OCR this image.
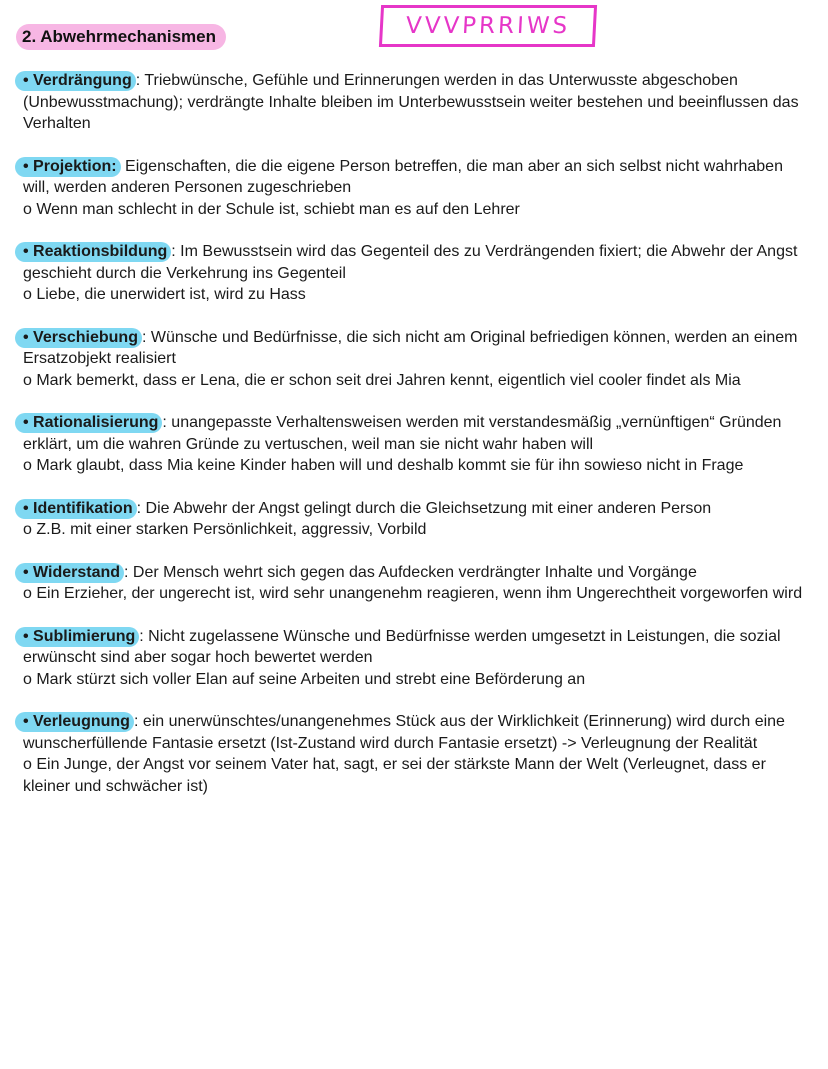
2. Abwehrmechanismen	VVVPRRIWS

• Verdrängung : Triebwünsche, Gefühle und Erinnerungen werden in das Unterwusste abgeschoben (Unbewusstmachung); verdrängte Inhalte bleiben im Unterbewusstsein weiter bestehen und beeinflussen das Verhalten

• Projektion: Eigenschaften, die die eigene Person betreffen, die man aber an sich selbst nicht wahrhaben will, werden anderen Personen zugeschrieben

o Wenn man schlecht in der Schule ist, schiebt man es auf den Lehrer

• Reaktionsbildung : Im Bewusstsein wird das Gegenteil des zu Verdrängenden fixiert; die Abwehr der Angst geschieht durch die Verkehrung ins Gegenteil

o Liebe, die unerwidert ist, wird zu Hass

• Verschiebung : Wünsche und Bedürfnisse, die sich nicht am Original befriedigen können, werden an einem Ersatzobjekt realisiert

o Mark bemerkt, dass er Lena, die er schon seit drei Jahren kennt, eigentlich viel cooler findet als Mia

• Rationalisierung : unangepasste Verhaltensweisen werden mit verstandesmäßig „vernünftigen“ Gründen erklärt, um die wahren Gründe zu vertuschen, weil man sie nicht wahr haben will

o Mark glaubt, dass Mia keine Kinder haben will und deshalb kommt sie für ihn sowieso nicht in Frage

• Identifikation : Die Abwehr der Angst gelingt durch die Gleichsetzung mit einer anderen Person

o Z.B. mit einer starken Persönlichkeit, aggressiv, Vorbild

• Widerstand : Der Mensch wehrt sich gegen das Aufdecken verdrängter Inhalte und Vorgänge

o Ein Erzieher, der ungerecht ist, wird sehr unangenehm reagieren, wenn ihm Ungerechtheit vorgeworfen wird

• Sublimierung : Nicht zugelassene Wünsche und Bedürfnisse werden umgesetzt in Leistungen, die sozial erwünscht sind aber sogar hoch bewertet werden

o Mark stürzt sich voller Elan auf seine Arbeiten und strebt eine Beförderung an

• Verleugnung : ein unerwünschtes/unangenehmes Stück aus der Wirklichkeit (Erinnerung) wird durch eine wunscherfüllende Fantasie ersetzt (Ist-Zustand wird durch Fantasie ersetzt) -> Verleugnung der Realität

o Ein Junge, der Angst vor seinem Vater hat, sagt, er sei der stärkste Mann der Welt (Verleugnet, dass er kleiner und schwächer ist)
